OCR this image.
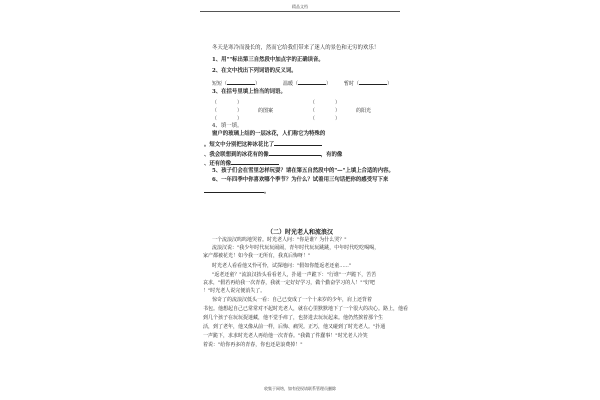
精品文档
冬天是寒冷而漫长的，然而它给我们带来了迷人的景色和无穷的欢乐！
1、用""标出第三自然段中加点字的正确读音。
2、在文中找出下列词语的反义词。
短短（	）	温暖（	）	暂时（	）
3、在括号里填上恰当的词语。
（　　　　）	（　　　　）
（　　　　）	的图案	（　　　　）	的阳光
（　　　　）	（　　　　）
4、填一填。
窗户的玻璃上结的一层冰花，人们称它为特殊的
。短文中分别把这种冰花比了
、我会联想到的冰花有的像	，有的像
、还有的像
5、孩子们会在雪里怎样玩耍？请在第五自然段中的"—"上填上合适的内容。
6、一年四季中你喜欢哪个季节？为什么？试着用三句话把你的感受写下来
。
（二）时光老人和流浪汉
一个流浪汉呜呜地哭着。时光老人问："你是谁？为什么哭？"
流浪汉说："我少年时代玩玩闹闹，青年时代玩玩跳跳，中年时代吃吃喝喝，
家产都被花光！如今我一无所有，我真后悔呀！"
时光老人看看他又怜可怜，试探地问："假如你能返老还童......"
"返老还童？"流浪汉抬头看看老人，扑通一声跪下："行谁"一声跪下，苦苦
哀求，"假若再给我一次青春，我就一定好好学习，做个勤奋学习的人！""好吧
！"时光老人说完便消失了。
惊奇了的流浪汉低头一看：自己已变成了一个十来岁的少年，肩上还背着
书包。他想起自己已常常对不起时光老人，就在心里默默地下了一个很大的决心。路上，他看
到几个孩子在玩玩捉迷藏，他不觉手痒了，也挤进去玩玩起来。他仍然挨着那个生
活，到了老年，他又像从前一样，后悔、痛哭。正巧，他又碰到了时光老人。"扑通
一声跪下，求求时光老人再给他一次青春。"我做了件蠢事！"时光老人冷笑
着说："给你再多的青春，你也还是浪费掉！"
收集于网络，如有侵权请联系管理员删除
